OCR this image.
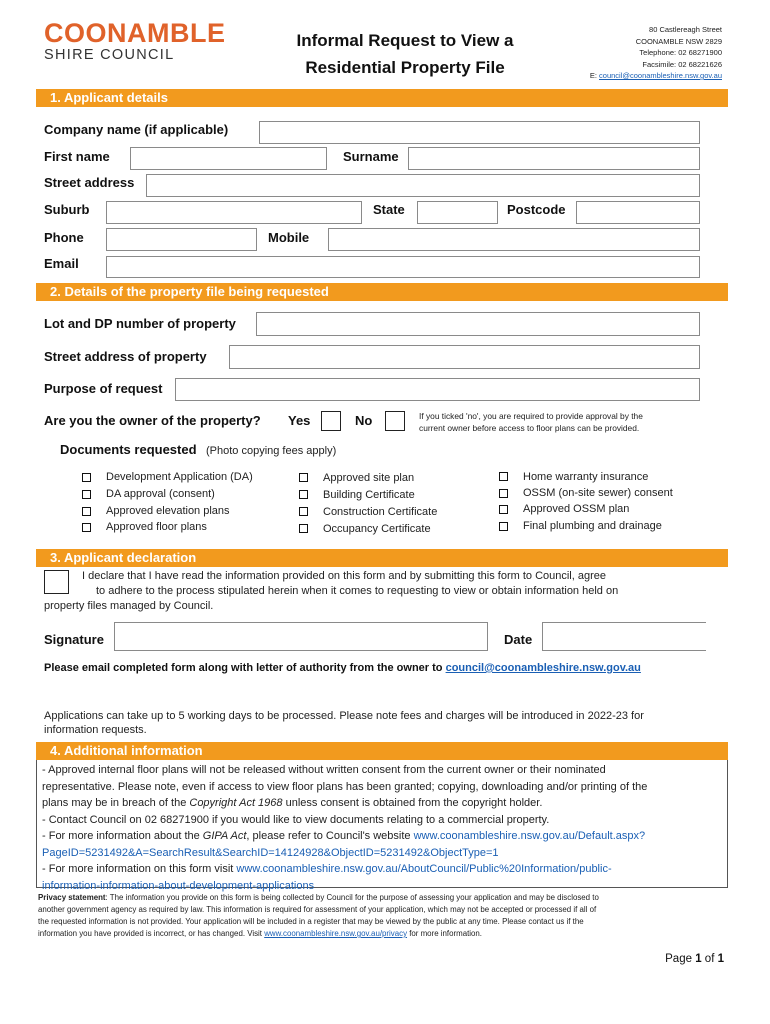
COONAMBLE
SHIRE COUNCIL
Informal Request to View a
Residential Property File
80 Castlereagh Street
COONAMBLE NSW 2829
Telephone: 02 68271900
Facsimile: 02 68221626
E: council@coonambleshire.nsw.gov.au
1. Applicant details
Company name (if applicable)
First name	Surname
Street address
Suburb	State	Postcode
Phone	Mobile
Email
2. Details of the property file being requested
Lot and DP number of property
Street address of property
Purpose of request
Are you the owner of the property? Yes	No	If you ticked 'no', you are required to provide approval by the
current owner before access to floor plans can be provided.
Documents requested (Photo copying fees apply)
Development Application (DA)
DA approval (consent)
Approved elevation plans
Approved floor plans
Approved site plan
Building Certificate
Construction Certificate
Occupancy Certificate
Home warranty insurance
OSSM (on-site sewer) consent
Approved OSSM plan
Final plumbing and drainage
3. Applicant declaration
I declare that I have read the information provided on this form and by submitting this form to Council, agree
to adhere to the process stipulated herein when it comes to requesting to view or obtain information held on
property files managed by Council.
Signature	Date
Please email completed form along with letter of authority from the owner to council@coonambleshire.nsw.gov.au
Applications can take up to 5 working days to be processed. Please note fees and charges will be introduced in 2022-23 for
information requests.
4. Additional information
- Approved internal floor plans will not be released without written consent from the current owner or their nominated
representative. Please note, even if access to view floor plans has been granted; copying, downloading and/or printing of the
plans may be in breach of the Copyright Act 1968 unless consent is obtained from the copyright holder.
- Contact Council on 02 68271900 if you would like to view documents relating to a commercial property.
- For more information about the GIPA Act, please refer to Council's website www.coonambleshire.nsw.gov.au/Default.aspx?
PageID=5231492&A=SearchResult&SearchID=14124928&ObjectID=5231492&ObjectType=1
- For more information on this form visit www.coonambleshire.nsw.gov.au/AboutCouncil/Public%20Information/public-
information-information-about-development-applications
Privacy statement: The information you provide on this form is being collected by Council for the purpose of assessing your application and may be disclosed to
another government agency as required by law. This information is required for assessment of your application, which may not be accepted or processed if all of
the requested information is not provided. Your application will be included in a register that may be viewed by the public at any time. Please contact us if the
information you have provided is incorrect, or has changed. Visit www.coonambleshire.nsw.gov.au/privacy for more information.
Page 1 of 1
